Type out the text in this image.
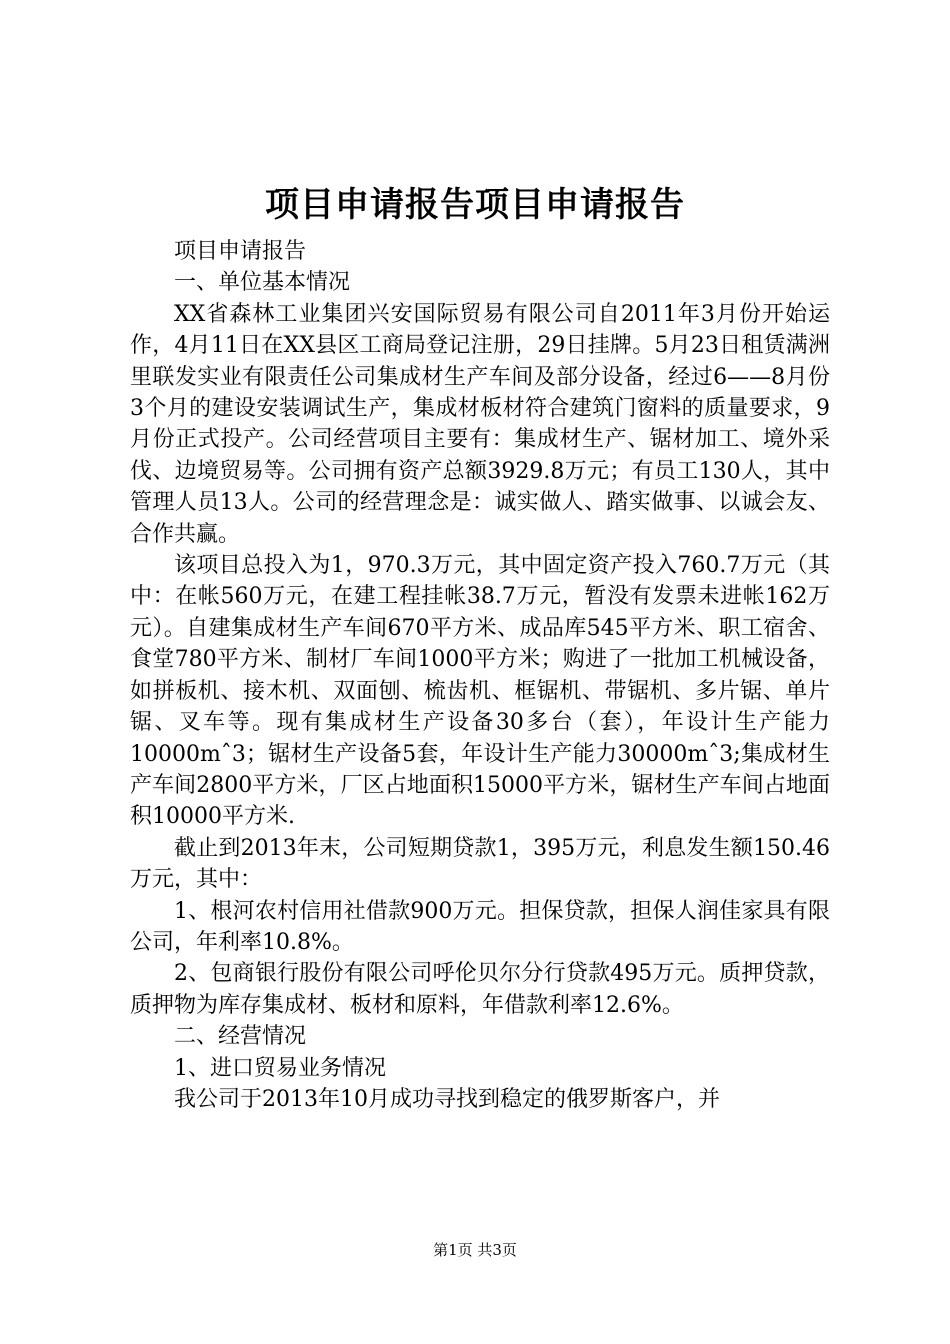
项目申请报告项目申请报告

项目申请报告

一、单位基本情况

XX省森林工业集团兴安国际贸易有限公司自2011年3月份开始运作，4月11日在XX县区工商局登记注册，29日挂牌。5月23日租赁满洲里联发实业有限责任公司集成材生产车间及部分设备，经过6——8月份3个月的建设安装调试生产，集成材板材符合建筑门窗料的质量要求，9月份正式投产。公司经营项目主要有：集成材生产、锯材加工、境外采伐、边境贸易等。公司拥有资产总额3929.8万元；有员工130人，其中管理人员13人。公司的经营理念是：诚实做人、踏实做事、以诚会友、合作共赢。

该项目总投入为1，970.3万元，其中固定资产投入760.7万元（其中：在帐560万元，在建工程挂帐38.7万元，暂没有发票未进帐162万元）。自建集成材生产车间670平方米、成品库545平方米、职工宿舍、食堂780平方米、制材厂车间1000平方米；购进了一批加工机械设备，如拼板机、接木机、双面刨、梳齿机、框锯机、带锯机、多片锯、单片锯、叉车等。现有集成材生产设备30多台（套），年设计生产能力10000mˆ3；锯材生产设备5套，年设计生产能力30000mˆ3;集成材生产车间2800平方米，厂区占地面积15000平方米，锯材生产车间占地面积10000平方米.

截止到2013年末，公司短期贷款1，395万元，利息发生额150.46万元，其中：

1、根河农村信用社借款900万元。担保贷款，担保人润佳家具有限公司，年利率10.8%。

2、包商银行股份有限公司呼伦贝尔分行贷款495万元。质押贷款，质押物为库存集成材、板材和原料，年借款利率12.6%。

二、经营情况

1、进口贸易业务情况

我公司于2013年10月成功寻找到稳定的俄罗斯客户，并

第1页 共3页
